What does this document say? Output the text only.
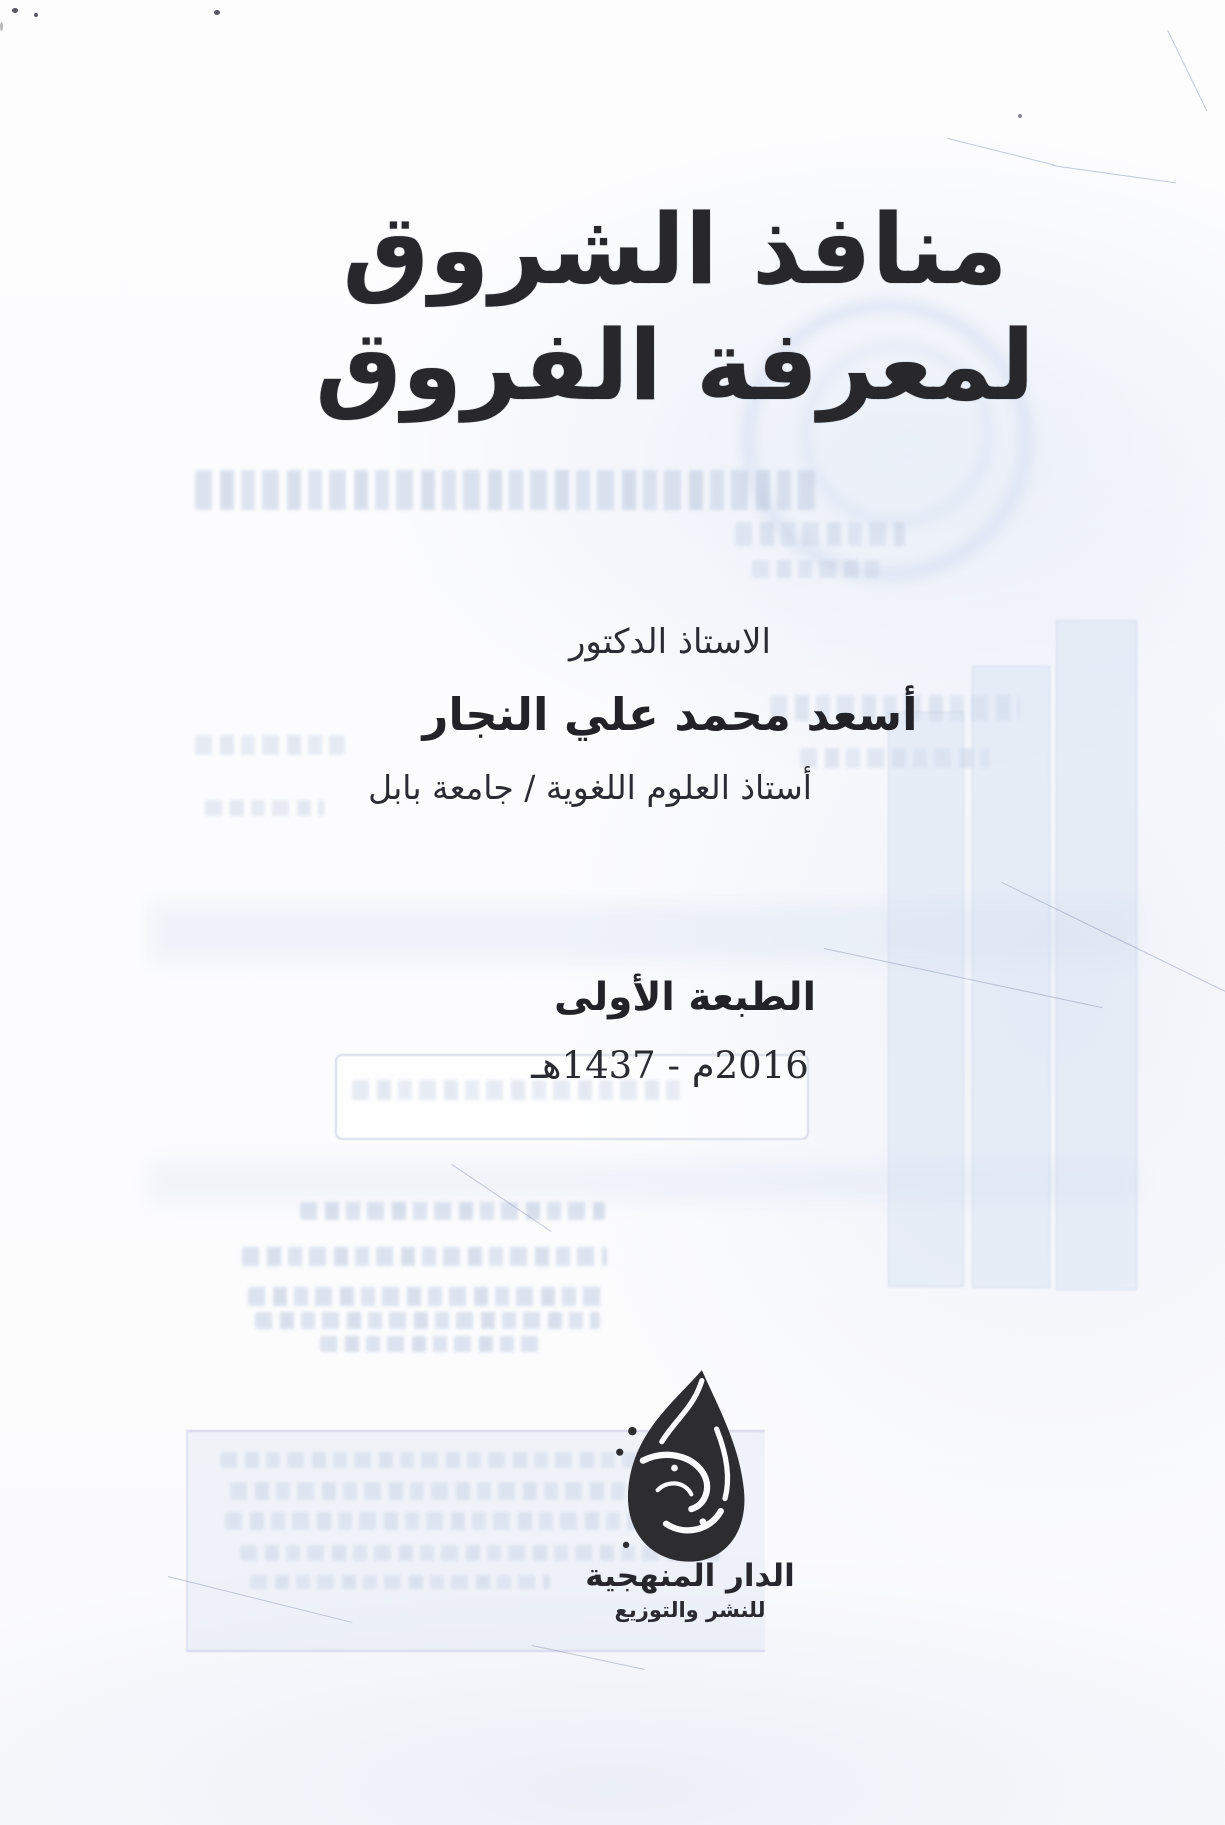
منافذ الشروق لمعرفة الفروق
الاستاذ الدكتور
أسعد محمد علي النجار
أستاذ العلوم اللغوية / جامعة بابل
الطبعة الأولى
2016م - 1437هـ
الدار المنهجية
للنشر والتوزيع
